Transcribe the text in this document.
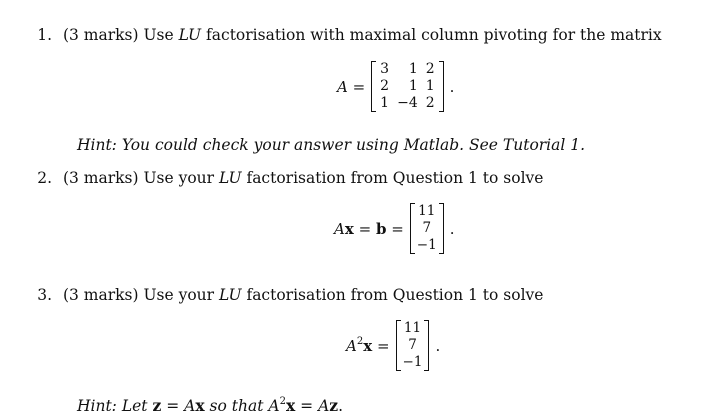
1. (3 marks) Use LU factorisation with maximal column pivoting for the matrix
A =
3	1	2
2	1	1
1	−4	2
.
Hint: You could check your answer using Matlab. See Tutorial 1.
2. (3 marks) Use your LU factorisation from Question 1 to solve
Ax = b =
11
7
−1
.
3. (3 marks) Use your LU factorisation from Question 1 to solve
$A^2x$ =
11
7
−1
.
Hint: Let z = Ax so that $A^2x = Az$.
